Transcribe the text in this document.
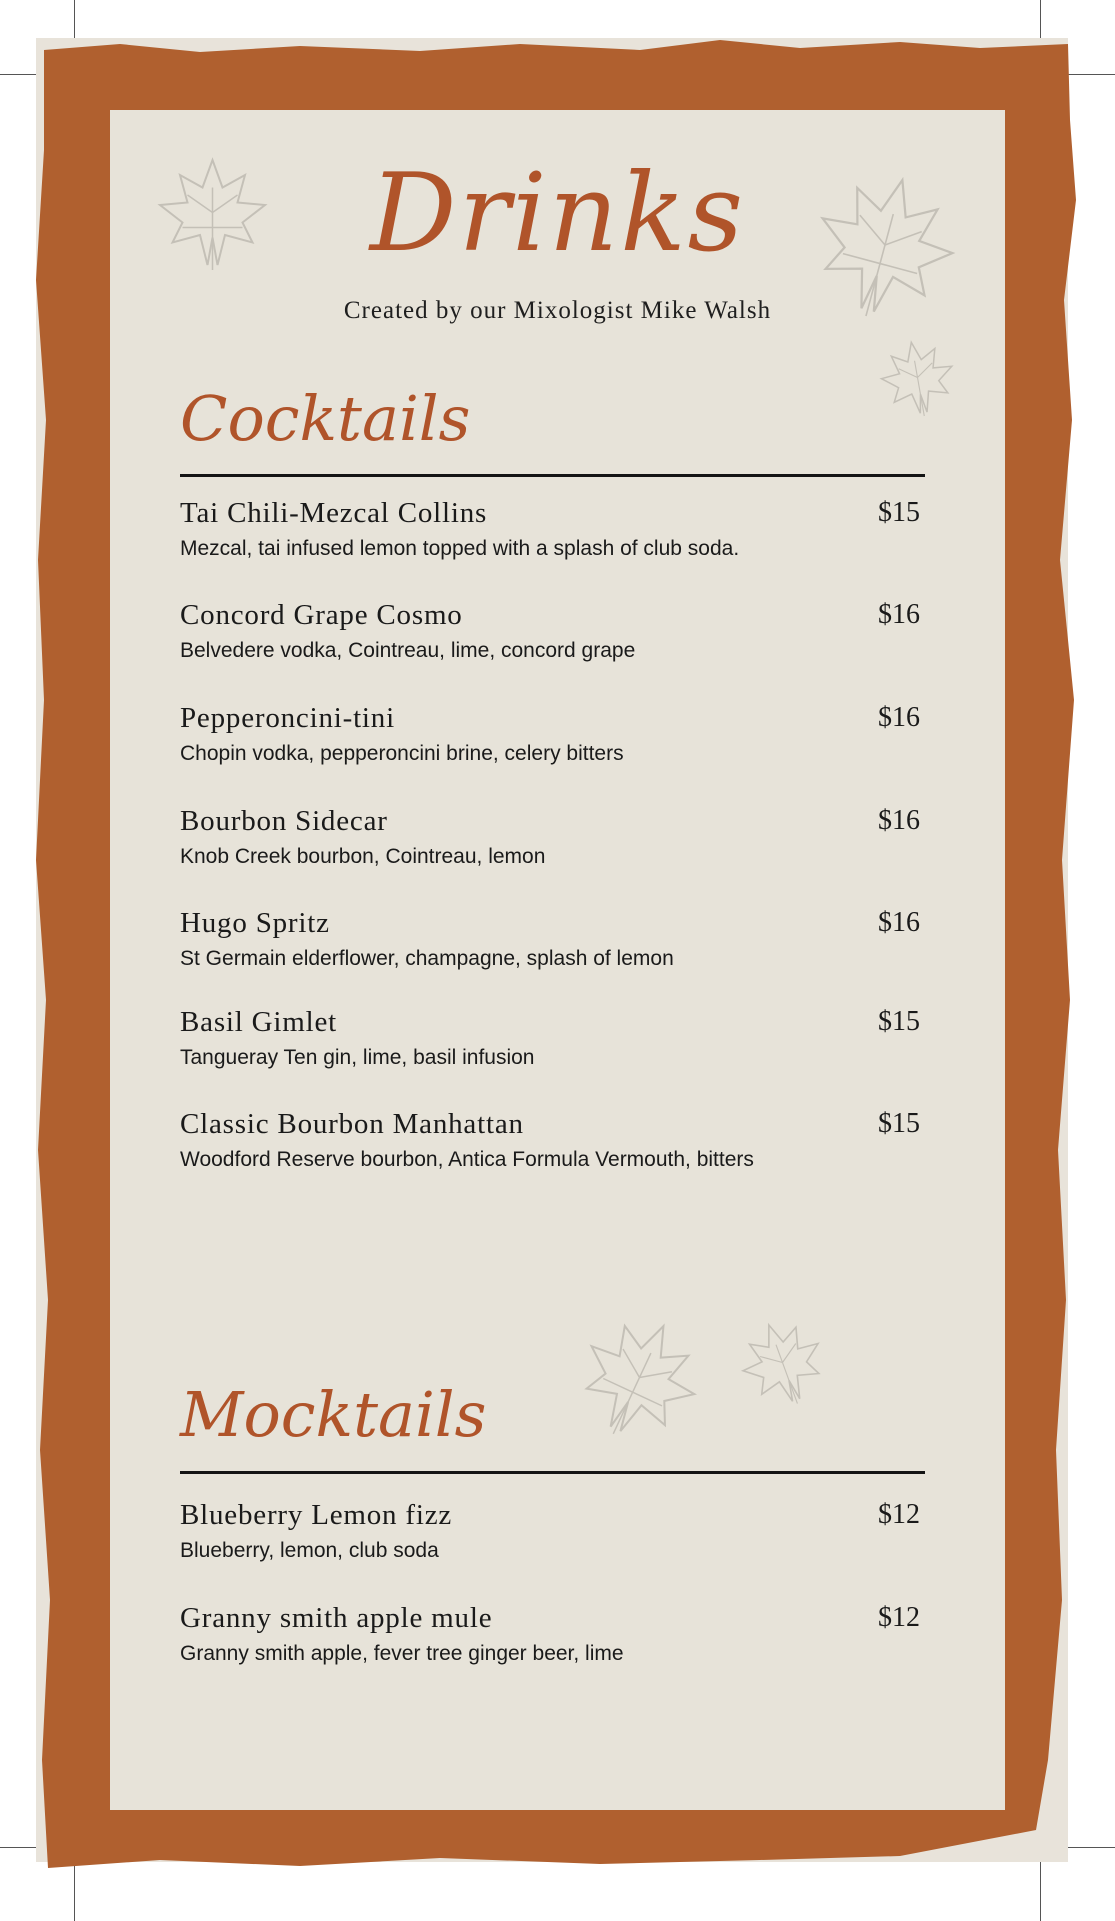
Drinks
Created by our Mixologist Mike Walsh
Cocktails
Tai Chili-Mezcal Collins	$15
Mezcal, tai infused lemon topped with a splash of club soda.
Concord Grape Cosmo	$16
Belvedere vodka, Cointreau, lime, concord grape
Pepperoncini-tini	$16
Chopin vodka, pepperoncini brine, celery bitters
Bourbon Sidecar	$16
Knob Creek bourbon, Cointreau, lemon
Hugo Spritz	$16
St Germain elderflower, champagne, splash of lemon
Basil Gimlet	$15
Tangueray Ten gin, lime, basil infusion
Classic Bourbon Manhattan	$15
Woodford Reserve bourbon, Antica Formula Vermouth, bitters
Mocktails
Blueberry Lemon fizz	$12
Blueberry, lemon, club soda
Granny smith apple mule	$12
Granny smith apple, fever tree ginger beer, lime
